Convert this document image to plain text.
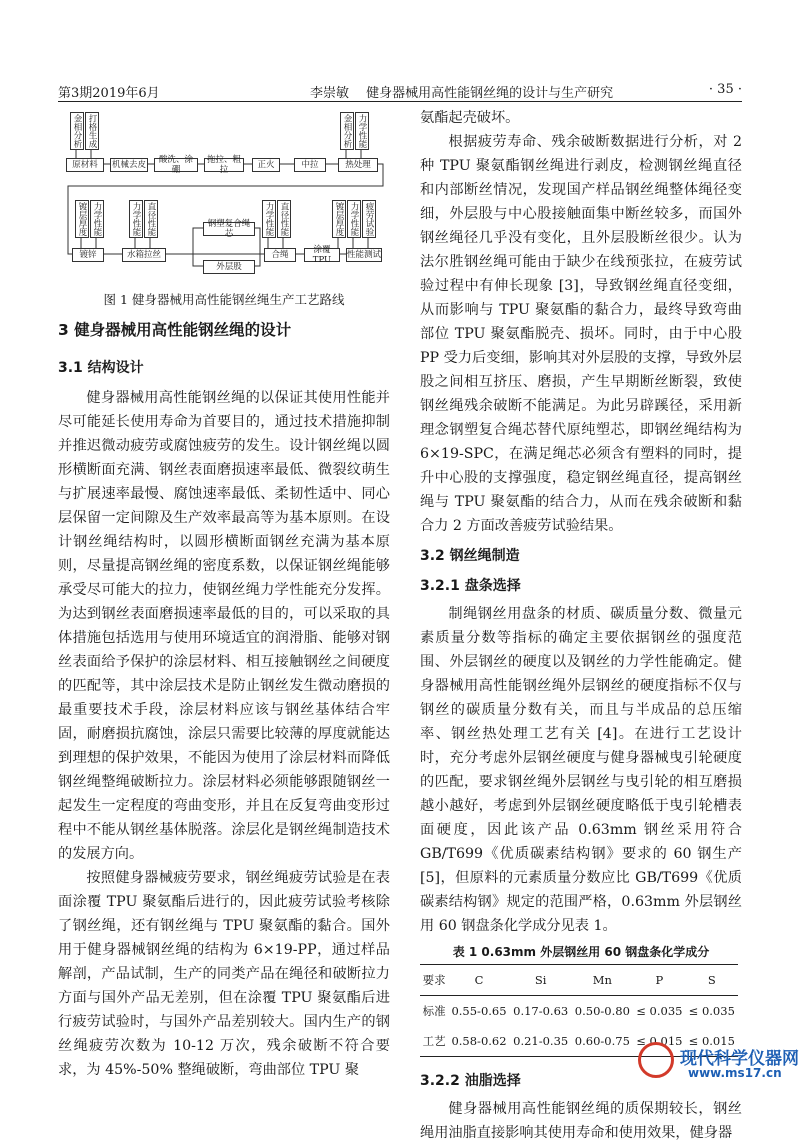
第3期2019年6月	李崇敏　 健身器械用高性能钢丝绳的设计与生产研究	· 35 ·
金相分析 打格生成	金相分析 力学性能
原材料	机械去皮	酸洗、涂硼
拖拉、粗拉	正火	中拉	热处理
镀层厚度 力学性能	力学性能 直径性能	力学性能 直径性能	镀层厚度 力学性能 疲劳试验
镀锌	水箱拉丝
钢塑复合绳芯
外层股
合绳	涂覆TPU	性能测试
图 1 健身器械用高性能钢丝绳生产工艺路线
3 健身器械用高性能钢丝绳的设计
3.1 结构设计

健身器械用高性能钢丝绳的以保证其使用性能并尽可能延长使用寿命为首要目的，通过技术措施抑制并推迟微动疲劳或腐蚀疲劳的发生。设计钢丝绳以圆形横断面充满、钢丝表面磨损速率最低、微裂纹萌生与扩展速率最慢、腐蚀速率最低、柔韧性适中、同心层保留一定间隙及生产效率最高等为基本原则。在设计钢丝绳结构时，以圆形横断面钢丝充满为基本原则，尽量提高钢丝绳的密度系数，以保证钢丝绳能够承受尽可能大的拉力，使钢丝绳力学性能充分发挥。为达到钢丝表面磨损速率最低的目的，可以采取的具体措施包括选用与使用环境适宜的润滑脂、能够对钢丝表面给予保护的涂层材料、相互接触钢丝之间硬度的匹配等，其中涂层技术是防止钢丝发生微动磨损的最重要技术手段，涂层材料应该与钢丝基体结合牢固，耐磨损抗腐蚀，涂层只需要比较薄的厚度就能达到理想的保护效果，不能因为使用了涂层材料而降低钢丝绳整绳破断拉力。涂层材料必须能够跟随钢丝一起发生一定程度的弯曲变形，并且在反复弯曲变形过程中不能从钢丝基体脱落。涂层化是钢丝绳制造技术的发展方向。

按照健身器械疲劳要求，钢丝绳疲劳试验是在表面涂覆 TPU 聚氨酯后进行的，因此疲劳试验考核除了钢丝绳，还有钢丝绳与 TPU 聚氨酯的黏合。国外用于健身器械钢丝绳的结构为 6×19-PP，通过样品解剖，产品试制，生产的同类产品在绳径和破断拉力方面与国外产品无差别，但在涂覆 TPU 聚氨酯后进行疲劳试验时，与国外产品差别较大。国内生产的钢丝绳疲劳次数为 10-12 万次，残余破断不符合要求，为 45%-50% 整绳破断，弯曲部位 TPU 聚

氨酯起壳破坏。

根据疲劳寿命、残余破断数据进行分析，对 2 种 TPU 聚氨酯钢丝绳进行剥皮，检测钢丝绳直径和内部断丝情况，发现国产样品钢丝绳整体绳径变细，外层股与中心股接触面集中断丝较多，而国外钢丝绳径几乎没有变化，且外层股断丝很少。认为法尔胜钢丝绳可能由于缺少在线预张拉，在疲劳试验过程中有伸长现象 [3]，导致钢丝绳直径变细，从而影响与 TPU 聚氨酯的黏合力，最终导致弯曲部位 TPU 聚氨酯脱壳、损坏。同时，由于中心股 PP 受力后变细，影响其对外层股的支撑，导致外层股之间相互挤压、磨损，产生早期断丝断裂，致使钢丝绳残余破断不能满足。为此另辟蹊径，采用新理念钢塑复合绳芯替代原纯塑芯，即钢丝绳结构为 6×19-SPC，在满足绳芯必须含有塑料的同时，提升中心股的支撑强度，稳定钢丝绳直径，提高钢丝绳与 TPU 聚氨酯的结合力，从而在残余破断和黏合力 2 方面改善疲劳试验结果。

3.2 钢丝绳制造
3.2.1 盘条选择

制绳钢丝用盘条的材质、碳质量分数、微量元素质量分数等指标的确定主要依据钢丝的强度范围、外层钢丝的硬度以及钢丝的力学性能确定。健身器械用高性能钢丝绳外层钢丝的硬度指标不仅与钢丝的碳质量分数有关，而且与半成品的总压缩率、钢丝热处理工艺有关 [4]。在进行工艺设计时，充分考虑外层钢丝硬度与健身器械曳引轮硬度的匹配，要求钢丝绳外层钢丝与曳引轮的相互磨损越小越好，考虑到外层钢丝硬度略低于曳引轮槽表面硬度，因此该产品 0.63mm 钢丝采用符合 GB/T699《优质碳素结构钢》要求的 60 钢生产 [5]，但原料的元素质量分数应比 GB/T699《优质碳素结构钢》规定的范围严格，0.63mm 外层钢丝用 60 钢盘条化学成分见表 1。

表 1 0.63mm 外层钢丝用 60 钢盘条化学成分
要求	C	Si	Mn	P	S
标准	0.55-0.65	0.17-0.63	0.50-0.80	≤ 0.035	≤ 0.035
工艺	0.58-0.62	0.21-0.35	0.60-0.75	≤ 0.015	≤ 0.015
3.2.2 油脂选择

健身器械用高性能钢丝绳的质保期较长，钢丝绳用油脂直接影响其使用寿命和使用效果，健身器

现代科学仪器网
www.ms17.cn
